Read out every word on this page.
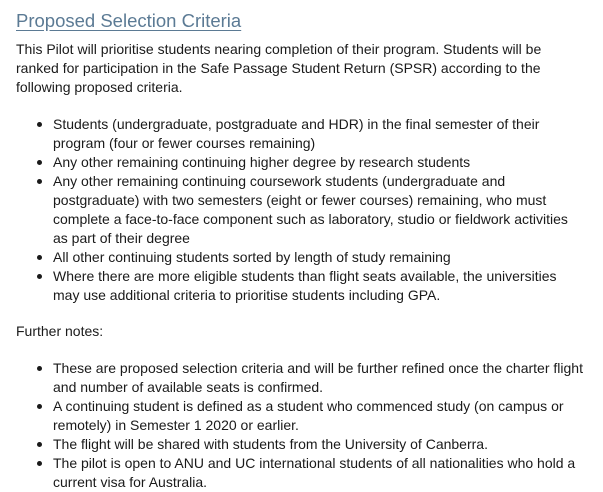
Proposed Selection Criteria

This Pilot will prioritise students nearing completion of their program. Students will be ranked for participation in the Safe Passage Student Return (SPSR) according to the following proposed criteria.

Students (undergraduate, postgraduate and HDR) in the final semester of their program (four or fewer courses remaining)
Any other remaining continuing higher degree by research students
Any other remaining continuing coursework students (undergraduate and postgraduate) with two semesters (eight or fewer courses) remaining, who must complete a face-to-face component such as laboratory, studio or fieldwork activities as part of their degree
All other continuing students sorted by length of study remaining
Where there are more eligible students than flight seats available, the universities may use additional criteria to prioritise students including GPA.

Further notes:

These are proposed selection criteria and will be further refined once the charter flight and number of available seats is confirmed.
A continuing student is defined as a student who commenced study (on campus or remotely) in Semester 1 2020 or earlier.
The flight will be shared with students from the University of Canberra.
The pilot is open to ANU and UC international students of all nationalities who hold a current visa for Australia.
